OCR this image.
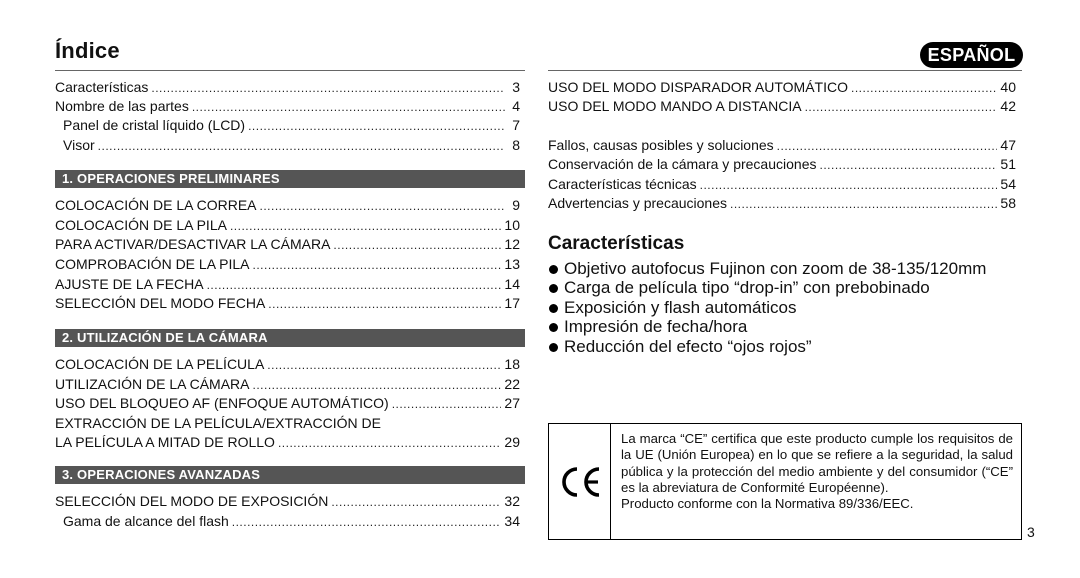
Índice	ESPAÑOL
Características .....	3
Nombre de las partes .....	4
Panel de cristal líquido (LCD) .....	7
Visor .....	8
1. OPERACIONES PRELIMINARES
COLOCACIÓN DE LA CORREA .....	9
COLOCACIÓN DE LA PILA .....	10
PARA ACTIVAR/DESACTIVAR LA CÁMARA .....	12
COMPROBACIÓN DE LA PILA .....	13
AJUSTE DE LA FECHA .....	14
SELECCIÓN DEL MODO FECHA .....	17
2. UTILIZACIÓN DE LA CÁMARA
COLOCACIÓN DE LA PELÍCULA .....	18
UTILIZACIÓN DE LA CÁMARA .....	22
USO DEL BLOQUEO AF (ENFOQUE AUTOMÁTICO) .....	27
EXTRACCIÓN DE LA PELÍCULA/EXTRACCIÓN DE
LA PELÍCULA A MITAD DE ROLLO .....	29
3. OPERACIONES AVANZADAS
SELECCIÓN DEL MODO DE EXPOSICIÓN .....	32
Gama de alcance del flash .....	34
USO DEL MODO DISPARADOR AUTOMÁTICO .....	40
USO DEL MODO MANDO A DISTANCIA .....	42
Fallos, causas posibles y soluciones .....	47
Conservación de la cámara y precauciones .....	51
Características técnicas .....	54
Advertencias y precauciones .....	58
Características
Objetivo autofocus Fujinon con zoom de 38-135/120mm
Carga de película tipo “drop-in” con prebobinado
Exposición y flash automáticos
Impresión de fecha/hora
Reducción del efecto “ojos rojos”
La marca “CE” certifica que este producto cumple los requisitos de la UE (Unión Europea) en lo que se refiere a la seguridad, la salud pública y la protección del medio ambiente y del consumidor (“CE” es la abreviatura de Conformité Européenne).
Producto conforme con la Normativa 89/336/EEC.
3
